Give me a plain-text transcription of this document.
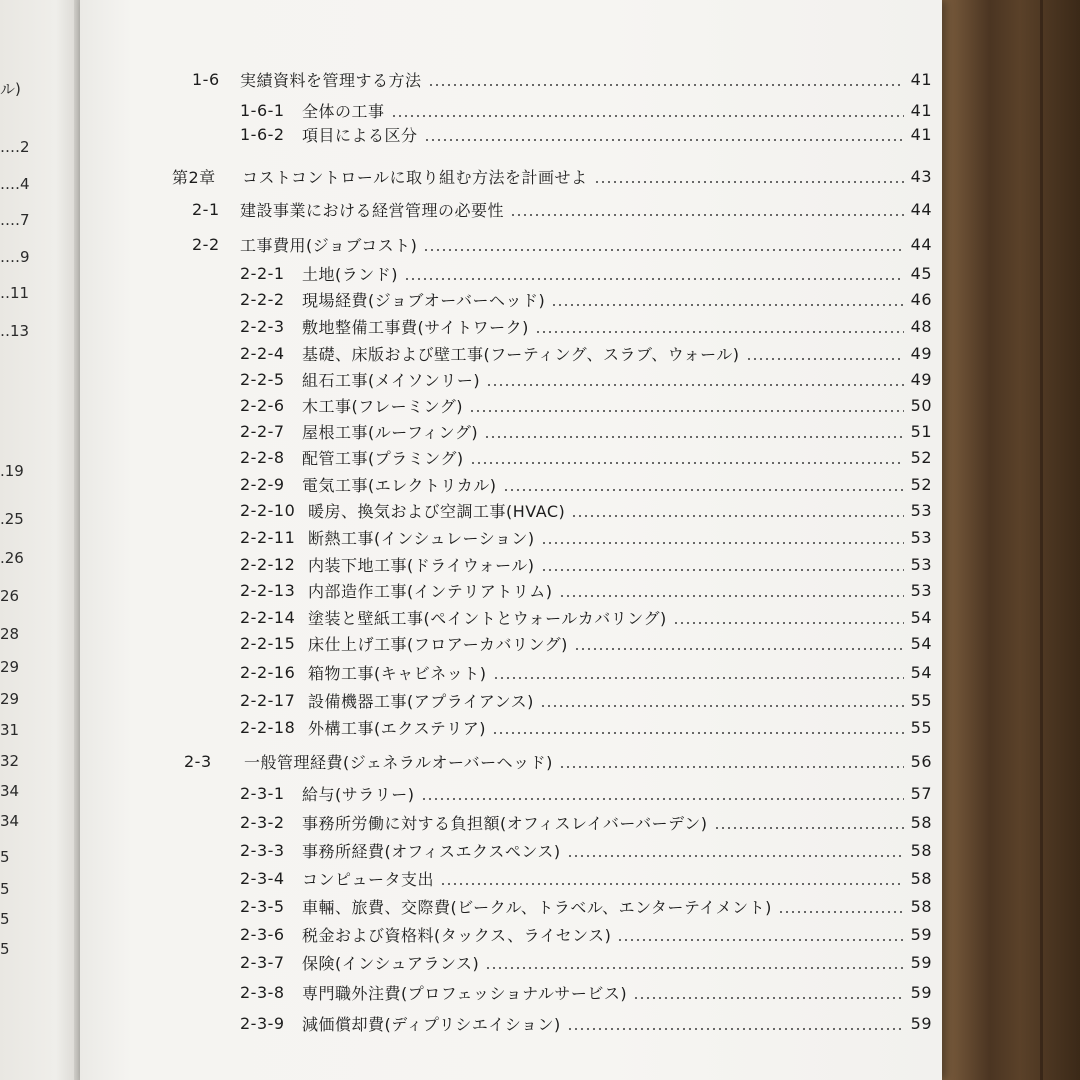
ル)
‥‥2
‥‥4
‥‥7
‥‥9
‥11
‥13
.19
.25
.26
26
28
29
29
31
32
34
34
5
5
5
5
1-6	実績資料を管理する方法	41
1-6-1	全体の工事	41
1-6-2	項目による区分	41
第2章	コストコントロールに取り組む方法を計画せよ	43
2-1	建設事業における経営管理の必要性	44
2-2	工事費用(ジョブコスト)	44
2-2-1	土地(ランド)	45
2-2-2	現場経費(ジョブオーバーヘッド)	46
2-2-3	敷地整備工事費(サイトワーク)	48
2-2-4	基礎、床版および壁工事(フーティング、スラブ、ウォール)	49
2-2-5	組石工事(メイソンリー)	49
2-2-6	木工事(フレーミング)	50
2-2-7	屋根工事(ルーフィング)	51
2-2-8	配管工事(プラミング)	52
2-2-9	電気工事(エレクトリカル)	52
2-2-10 暖房、換気および空調工事(HVAC)	53
2-2-11 断熱工事(インシュレーション)	53
2-2-12 内装下地工事(ドライウォール)	53
2-2-13 内部造作工事(インテリアトリム)	53
2-2-14 塗装と壁紙工事(ペイントとウォールカバリング)	54
2-2-15 床仕上げ工事(フロアーカバリング)	54
2-2-16 箱物工事(キャビネット)	54
2-2-17 設備機器工事(アプライアンス)	55
2-2-18 外構工事(エクステリア)	55
2-3	一般管理経費(ジェネラルオーバーヘッド)	56
2-3-1	給与(サラリー)	57
2-3-2	事務所労働に対する負担額(オフィスレイバーバーデン)	58
2-3-3	事務所経費(オフィスエクスペンス)	58
2-3-4	コンピュータ支出	58
2-3-5	車輛、旅費、交際費(ビークル、トラベル、エンターテイメント)	58
2-3-6	税金および資格料(タックス、ライセンス)	59
2-3-7	保険(インシュアランス)	59
2-3-8	専門職外注費(プロフェッショナルサービス)	59
2-3-9	減価償却費(ディプリシエイション)	59
